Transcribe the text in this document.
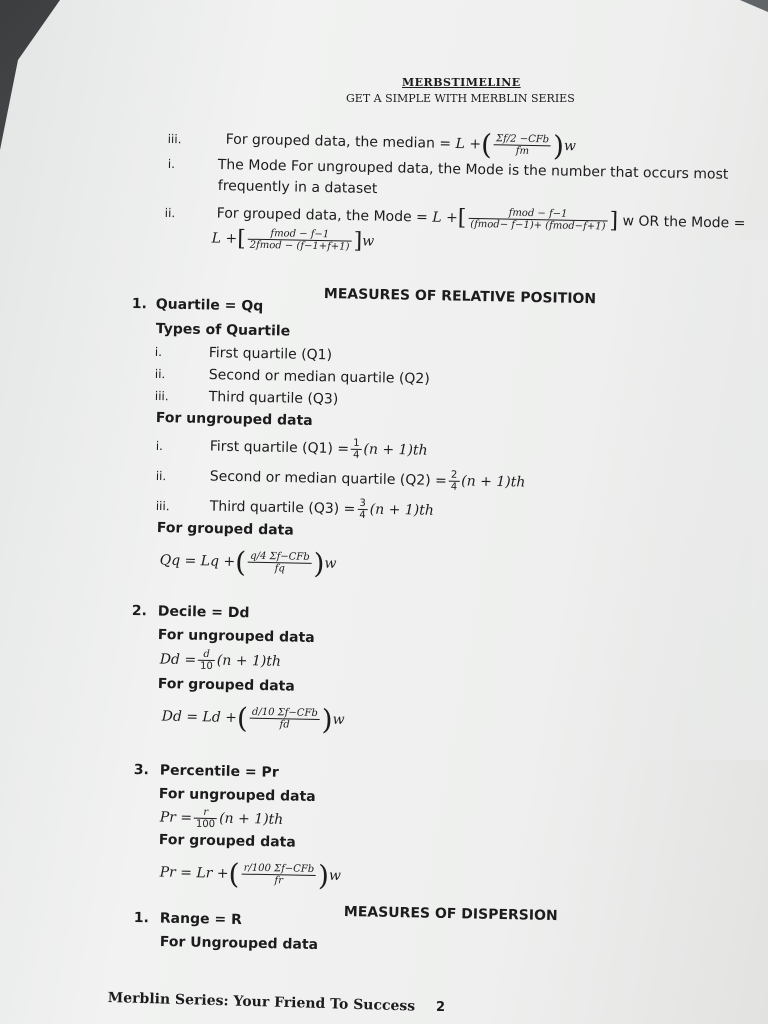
MERBSTIMELINE
GET A SIMPLE WITH MERBLIN SERIES
iii.	For grouped data, the median = L +( $\frac{\text{Σf/2 −CFb}}{fm} )w$
i.	The Mode For ungrouped data, the Mode is the number that occurs most
frequently in a dataset
ii.	For grouped data, the Mode = L +[ $\frac{\text{fmod − f−1}}{\text{(fmod− f−1)+ (fmod−f+1)}}$ ] w OR the Mode =
L +[ $\frac{\text{fmod − f−1}}{\text{2fmod − (f−1+f+1)}} ]w$
MEASURES OF RELATIVE POSITION
1. Quartile = Qq
Types of Quartile
i.	First quartile (Q1)
ii.	Second or median quartile (Q2)
iii.	Third quartile (Q3)
For ungrouped data
i.	First quartile $(Q1) = \frac{1}{4} (n + 1)th$
ii.	Second or median quartile $(Q2) = \frac{2}{4} (n + 1)th$
iii.	Third quartile $(Q3) = \frac{3}{4} (n + 1)th$
For grouped data
Qq = Lq +( $\frac{\text{q/4 Σf−CFb}}{fq} )w$
2. Decile = Dd
For ungrouped data
$Dd = \frac{d}{10} (n + 1)th$
For grouped data
Dd = Ld +( $\frac{\text{d/10 Σf−CFb}}{fd} )w$
3. Percentile = Pr
For ungrouped data
$Pr = \frac{r}{100} (n + 1)th$
For grouped data
Pr = Lr +( $\frac{\text{r/100 Σf−CFb}}{fr} )w$
MEASURES OF DISPERSION
1. Range = R
For Ungrouped data
Merblin Series: Your Friend To Success 2
